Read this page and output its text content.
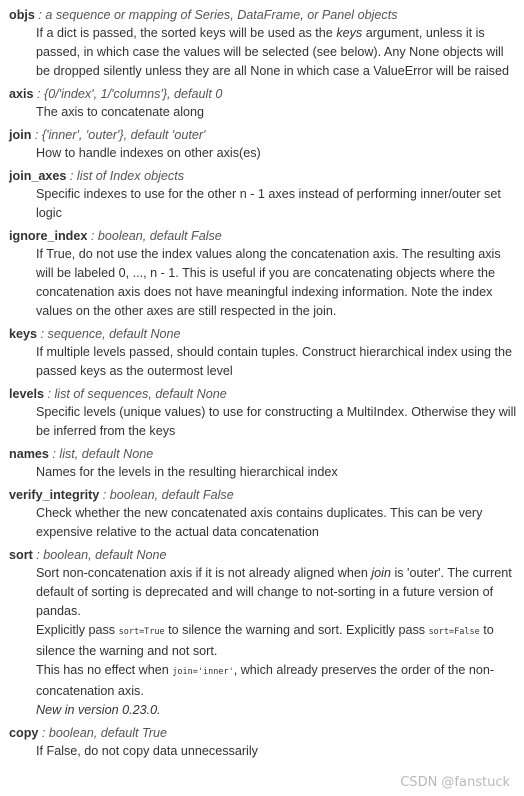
objs : a sequence or mapping of Series, DataFrame, or Panel objects

If a dict is passed, the sorted keys will be used as the keys argument, unless it is passed, in which case the values will be selected (see below). Any None objects will be dropped silently unless they are all None in which case a ValueError will be raised

axis : {0/'index', 1/'columns'}, default 0

The axis to concatenate along

join : {'inner', 'outer'}, default 'outer'

How to handle indexes on other axis(es)

join_axes : list of Index objects

Specific indexes to use for the other n - 1 axes instead of performing inner/outer set logic

ignore_index : boolean, default False

If True, do not use the index values along the concatenation axis. The resulting axis will be labeled 0, ..., n - 1. This is useful if you are concatenating objects where the concatenation axis does not have meaningful indexing information. Note the index values on the other axes are still respected in the join.

keys : sequence, default None

If multiple levels passed, should contain tuples. Construct hierarchical index using the passed keys as the outermost level

levels : list of sequences, default None

Specific levels (unique values) to use for constructing a MultiIndex. Otherwise they will be inferred from the keys

names : list, default None

Names for the levels in the resulting hierarchical index

verify_integrity : boolean, default False

Check whether the new concatenated axis contains duplicates. This can be very expensive relative to the actual data concatenation

sort : boolean, default None

Sort non-concatenation axis if it is not already aligned when join is 'outer'. The current default of sorting is deprecated and will change to not-sorting in a future version of pandas.

Explicitly pass sort=True to silence the warning and sort. Explicitly pass sort=False to silence the warning and not sort.

This has no effect when join='inner', which already preserves the order of the non-concatenation axis.

New in version 0.23.0.

copy : boolean, default True

If False, do not copy data unnecessarily

CSDN @fanstuck
